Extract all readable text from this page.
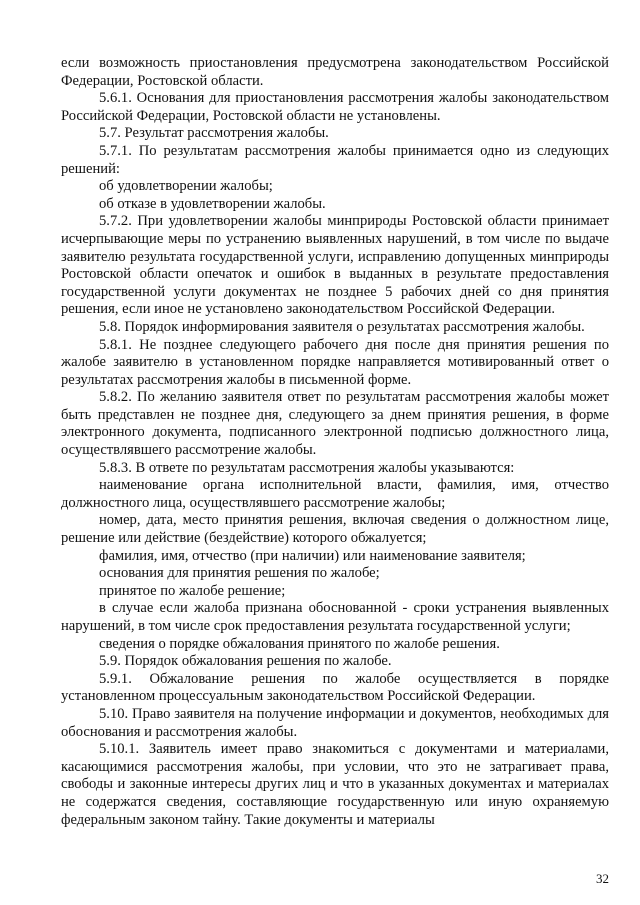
если возможность приостановления предусмотрена законодательством Российской Федерации, Ростовской области.

5.6.1. Основания для приостановления рассмотрения жалобы законодательством Российской Федерации, Ростовской области не установлены.

5.7. Результат рассмотрения жалобы.

5.7.1. По результатам рассмотрения жалобы принимается одно из следующих решений:

об удовлетворении жалобы;

об отказе в удовлетворении жалобы.

5.7.2. При удовлетворении жалобы минприроды Ростовской области принимает исчерпывающие меры по устранению выявленных нарушений, в том числе по выдаче заявителю результата государственной услуги, исправлению допущенных минприроды Ростовской области опечаток и ошибок в выданных в результате предоставления государственной услуги документах не позднее 5 рабочих дней со дня принятия решения, если иное не установлено законодательством Российской Федерации.

5.8. Порядок информирования заявителя о результатах рассмотрения жалобы.

5.8.1. Не позднее следующего рабочего дня после дня принятия решения по жалобе заявителю в установленном порядке направляется мотивированный ответ о результатах рассмотрения жалобы в письменной форме.

5.8.2. По желанию заявителя ответ по результатам рассмотрения жалобы может быть представлен не позднее дня, следующего за днем принятия решения, в форме электронного документа, подписанного электронной подписью должностного лица, осуществлявшего рассмотрение жалобы.

5.8.3. В ответе по результатам рассмотрения жалобы указываются:

наименование органа исполнительной власти, фамилия, имя, отчество должностного лица, осуществлявшего рассмотрение жалобы;

номер, дата, место принятия решения, включая сведения о должностном лице, решение или действие (бездействие) которого обжалуется;

фамилия, имя, отчество (при наличии) или наименование заявителя;

основания для принятия решения по жалобе;

принятое по жалобе решение;

в случае если жалоба признана обоснованной - сроки устранения выявленных нарушений, в том числе срок предоставления результата государственной услуги;

сведения о порядке обжалования принятого по жалобе решения.

5.9. Порядок обжалования решения по жалобе.

5.9.1. Обжалование решения по жалобе осуществляется в порядке установленном процессуальным законодательством Российской Федерации.

5.10. Право заявителя на получение информации и документов, необходимых для обоснования и рассмотрения жалобы.

5.10.1. Заявитель имеет право знакомиться с документами и материалами, касающимися рассмотрения жалобы, при условии, что это не затрагивает права, свободы и законные интересы других лиц и что в указанных документах и материалах не содержатся сведения, составляющие государственную или иную охраняемую федеральным законом тайну. Такие документы и материалы

32
